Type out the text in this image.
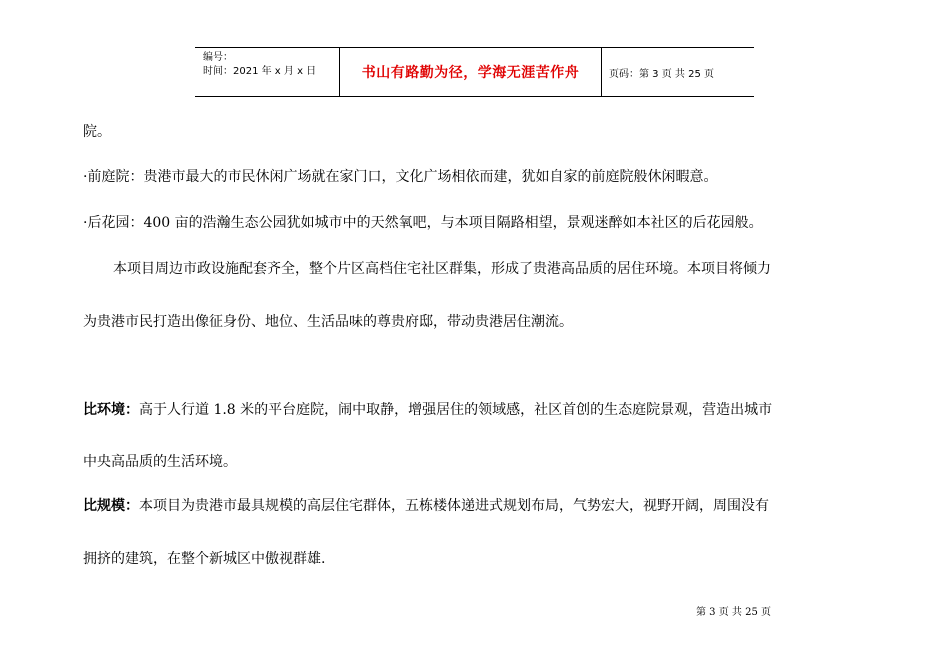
编号：
时间：2021 年 x 月 x 日	书山有路勤为径，学海无涯苦作舟	页码：第 3 页 共 25 页
院。
·前庭院：贵港市最大的市民休闲广场就在家门口，文化广场相依而建，犹如自家的前庭院般休闲暇意。
·后花园：400 亩的浩瀚生态公园犹如城市中的天然氧吧，与本项目隔路相望，景观迷醉如本社区的后花园般。
本项目周边市政设施配套齐全，整个片区高档住宅社区群集，形成了贵港高品质的居住环境。本项目将倾力
为贵港市民打造出像征身份、地位、生活品味的尊贵府邸，带动贵港居住潮流。
比环境：高于人行道 1.8 米的平台庭院，闹中取静，增强居住的领域感，社区首创的生态庭院景观，营造出城市
中央高品质的生活环境。
比规模：本项目为贵港市最具规模的高层住宅群体，五栋楼体递进式规划布局，气势宏大，视野开阔，周围没有
拥挤的建筑，在整个新城区中傲视群雄.
第 3 页 共 25 页
